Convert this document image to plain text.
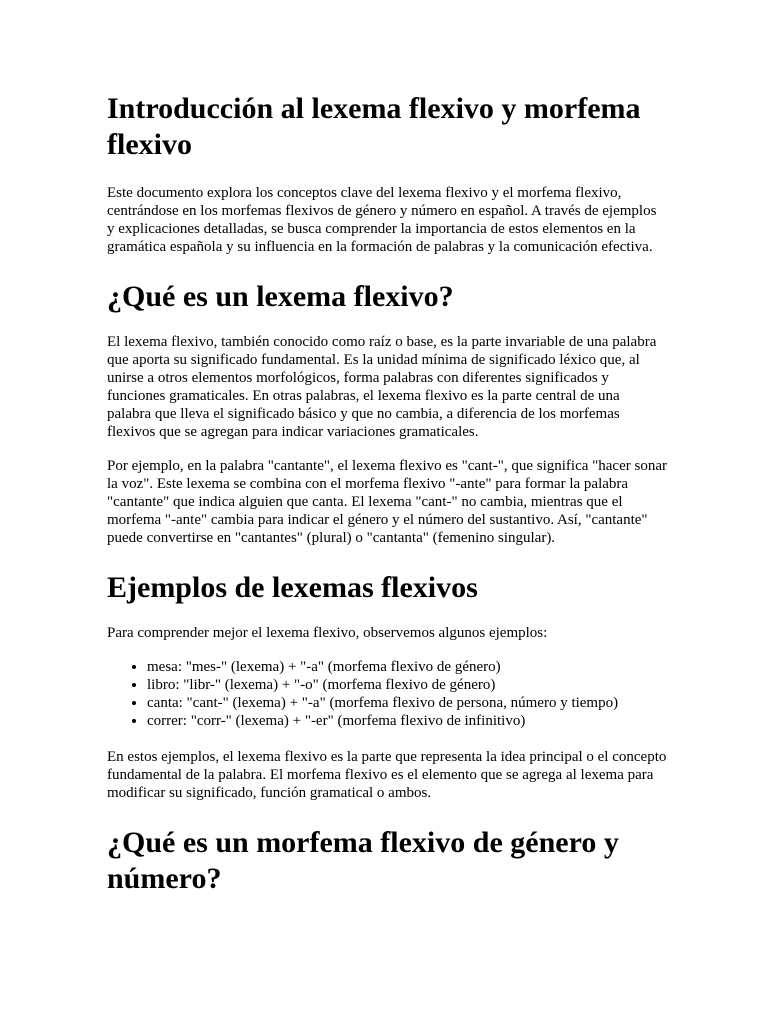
Introducción al lexema flexivo y morfema flexivo

Este documento explora los conceptos clave del lexema flexivo y el morfema flexivo, centrándose en los morfemas flexivos de género y número en español. A través de ejemplos y explicaciones detalladas, se busca comprender la importancia de estos elementos en la gramática española y su influencia en la formación de palabras y la comunicación efectiva.

¿Qué es un lexema flexivo?

El lexema flexivo, también conocido como raíz o base, es la parte invariable de una palabra que aporta su significado fundamental. Es la unidad mínima de significado léxico que, al unirse a otros elementos morfológicos, forma palabras con diferentes significados y funciones gramaticales. En otras palabras, el lexema flexivo es la parte central de una palabra que lleva el significado básico y que no cambia, a diferencia de los morfemas flexivos que se agregan para indicar variaciones gramaticales.

Por ejemplo, en la palabra "cantante", el lexema flexivo es "cant-", que significa "hacer sonar la voz". Este lexema se combina con el morfema flexivo "-ante" para formar la palabra "cantante" que indica alguien que canta. El lexema "cant-" no cambia, mientras que el morfema "-ante" cambia para indicar el género y el número del sustantivo. Así, "cantante" puede convertirse en "cantantes" (plural) o "cantanta" (femenino singular).

Ejemplos de lexemas flexivos

Para comprender mejor el lexema flexivo, observemos algunos ejemplos:

• mesa: "mes-" (lexema) + "-a" (morfema flexivo de género)
• libro: "libr-" (lexema) + "-o" (morfema flexivo de género)
• canta: "cant-" (lexema) + "-a" (morfema flexivo de persona, número y tiempo)
• correr: "corr-" (lexema) + "-er" (morfema flexivo de infinitivo)

En estos ejemplos, el lexema flexivo es la parte que representa la idea principal o el concepto fundamental de la palabra. El morfema flexivo es el elemento que se agrega al lexema para modificar su significado, función gramatical o ambos.

¿Qué es un morfema flexivo de género y número?
